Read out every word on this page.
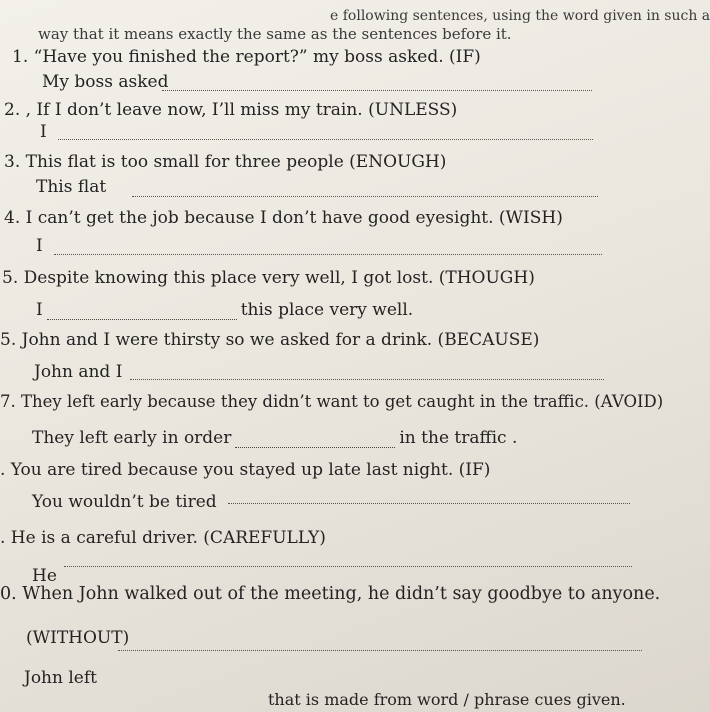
e following sentences, using the word given in such a
way that it means exactly the same as the sentences before it.
1. “Have you finished the report?” my boss asked. (IF)
My boss asked
2. , If I don’t leave now, I’ll miss my train. (UNLESS)
I
3. This flat is too small for three people (ENOUGH)
This flat
4. I can’t get the job because I don’t have good eyesight. (WISH)
I
5. Despite knowing this place very well, I got lost. (THOUGH)
I	this place very well.
5. John and I were thirsty so we asked for a drink. (BECAUSE)
John and I
7. They left early because they didn’t want to get caught in the traffic. (AVOID)
They left early in order	in the traffic .
. You are tired because you stayed up late last night. (IF)
You wouldn’t be tired
. He is a careful driver. (CAREFULLY)
He
0. When John walked out of the meeting, he didn’t say goodbye to anyone.
(WITHOUT)
John left
that is made from word / phrase cues given.
